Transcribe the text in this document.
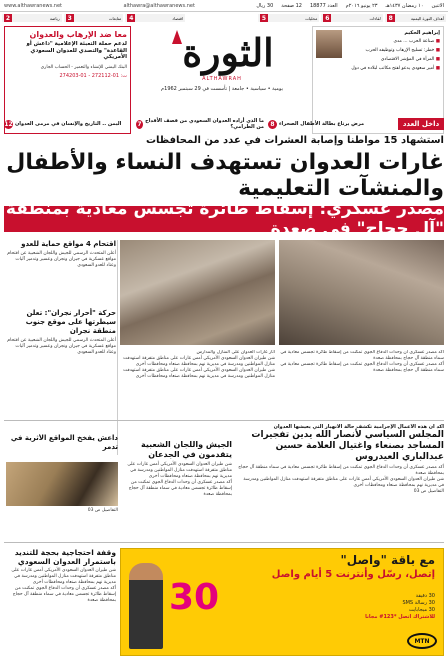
الاثنين
١٠ رمضان ١٤٣٧هـ
٢٣ يونيو ٢٠١٦م
العدد 18877
12 صفحة
30 ريال
althawra@althawranews.net
www.althawranews.net
أهداف الثورة اليمنية
8
لقاءات
6
محليات
5
اقتصاد
4
متابعات
3
رياضة
2
معا ضد الإرهاب والعدوان
لدعم حملة التعبئة الإعلامية "داعش أو القاعدة" والتصدي للعدوان السعودي الأمريكي
البنك اليمني للإنشاء والتعمير - الحساب الجاري
ت: 01-272112 - 01-274203
الثورة
ALTHAWRAH
يومية • سياسية • جامعة | تأسست في 29 سبتمبر 1962م
إبراهيم الحكيم
■ صناعة الحرب ... مدى
■ خطر: تسليح الإرهاب وتوظيفه الحرب
■ المرأة في المؤشر الاقتصادي
■ أمير سعودي يدعو لفتح مكاتب لبلاده في دول
مرض يرتاع بطالة الأطفال الصحراء
8
ما الذي أراده العدوان السعودي من قصف الأقداح من الطرامي؟
7
اليمن .. التاريخ والإنسان في مرمى العدوان
12	داخل العدد
استشهاد 15 مواطنا وإصابة العشرات في عدد من المحافظات
غارات العدوان تستهدف النساء والأطفال والمنشآت التعليمية
مصدر عسكري: إسقاط طائرة تجسس معادية بمنطقة "آل حجاج" في صعدة
اقتحام 4 مواقع حماية للعدو
أعلن المتحدث الرسمي للجيش واللجان الشعبية عن اقتحام مواقع عسكرية في جيزان ونجران وعسير وتدمير آليات وعتاد للعدو السعودي
حركة "أحرار نجران": تعلن سيطرتها على موقع جنوب منطقة نجران
أعلن المتحدث الرسمي للجيش واللجان الشعبية عن اقتحام مواقع عسكرية في جيزان ونجران وعسير وتدمير آليات وعتاد للعدو السعودي	آثار غارات العدوان على المنازل والمدارس
شن طيران العدوان السعودي الأمريكي أمس غارات على مناطق متفرقة استهدفت منازل المواطنين ومدرسة في مديرية نهم بمحافظة صنعاء ومحافظات أخرى
شن طيران العدوان السعودي الأمريكي أمس غارات على مناطق متفرقة استهدفت منازل المواطنين ومدرسة في مديرية نهم بمحافظة صنعاء ومحافظات أخرى
أكد مصدر عسكري أن وحدات الدفاع الجوي تمكنت من إسقاط طائرة تجسس معادية في سماء منطقة آل حجاج بمحافظة صعدة
أكد مصدر عسكري أن وحدات الدفاع الجوي تمكنت من إسقاط طائرة تجسس معادية في سماء منطقة آل حجاج بمحافظة صعدة
داعش يفخخ المواقع الأثرية في تدمر
التفاصيل ص 03
الجيش واللجان الشعبية يتقدمون في الجدعان
شن طيران العدوان السعودي الأمريكي أمس غارات على مناطق متفرقة استهدفت منازل المواطنين ومدرسة في مديرية نهم بمحافظة صنعاء ومحافظات أخرى
أكد مصدر عسكري أن وحدات الدفاع الجوي تمكنت من إسقاط طائرة تجسس معادية في سماء منطقة آل حجاج بمحافظة صعدة
أكد أن هذه الأعمال الإجرامية تكشف حالة الانهيار التي يعيشها العدوان
المجلس السياسي لأنصار الله يدين تفجيرات المساجد بصنعاء واغتيال العلامة حسين عبدالباري العيدروس
أكد مصدر عسكري أن وحدات الدفاع الجوي تمكنت من إسقاط طائرة تجسس معادية في سماء منطقة آل حجاج بمحافظة صعدة
شن طيران العدوان السعودي الأمريكي أمس غارات على مناطق متفرقة استهدفت منازل المواطنين ومدرسة في مديرية نهم بمحافظة صنعاء ومحافظات أخرى
التفاصيل ص 03
وقفة احتجاجية بحجة للتنديد باستمرار العدوان السعودي
شن طيران العدوان السعودي الأمريكي أمس غارات على مناطق متفرقة استهدفت منازل المواطنين ومدرسة في مديرية نهم بمحافظة صنعاء ومحافظات أخرى
أكد مصدر عسكري أن وحدات الدفاع الجوي تمكنت من إسقاط طائرة تجسس معادية في سماء منطقة آل حجاج بمحافظة صعدة
مع باقة "واصل"
إتصل، رسّل وأنترنت 5 أيام واصل
30	30 دقيقة
30 رسالة SMS
30 ميجابايت
للاشتراك اتصل *123# مجانا
MTN
